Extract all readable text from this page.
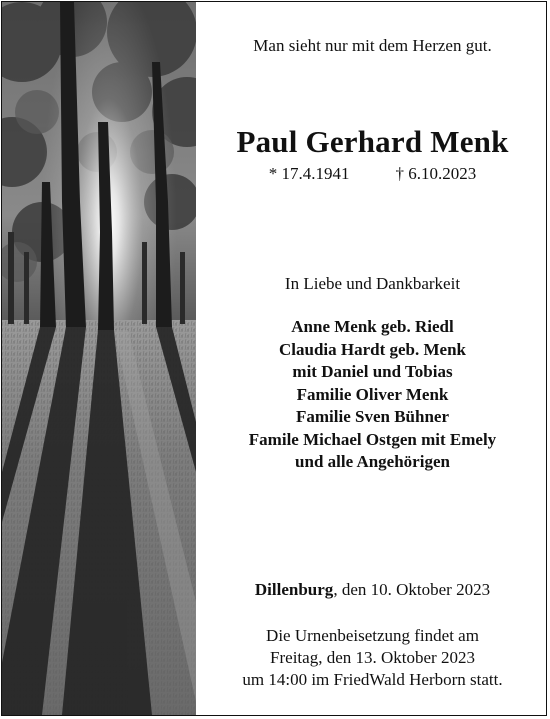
Man sieht nur mit dem Herzen gut.
Paul Gerhard Menk
* 17.4.1941	† 6.10.2023
In Liebe und Dankbarkeit
Anne Menk geb. Riedl
Claudia Hardt geb. Menk
mit Daniel und Tobias
Familie Oliver Menk
Familie Sven Bühner
Famile Michael Ostgen mit Emely
und alle Angehörigen
Dillenburg, den 10. Oktober 2023
Die Urnenbeisetzung findet am
Freitag, den 13. Oktober 2023
um 14:00 im FriedWald Herborn statt.
